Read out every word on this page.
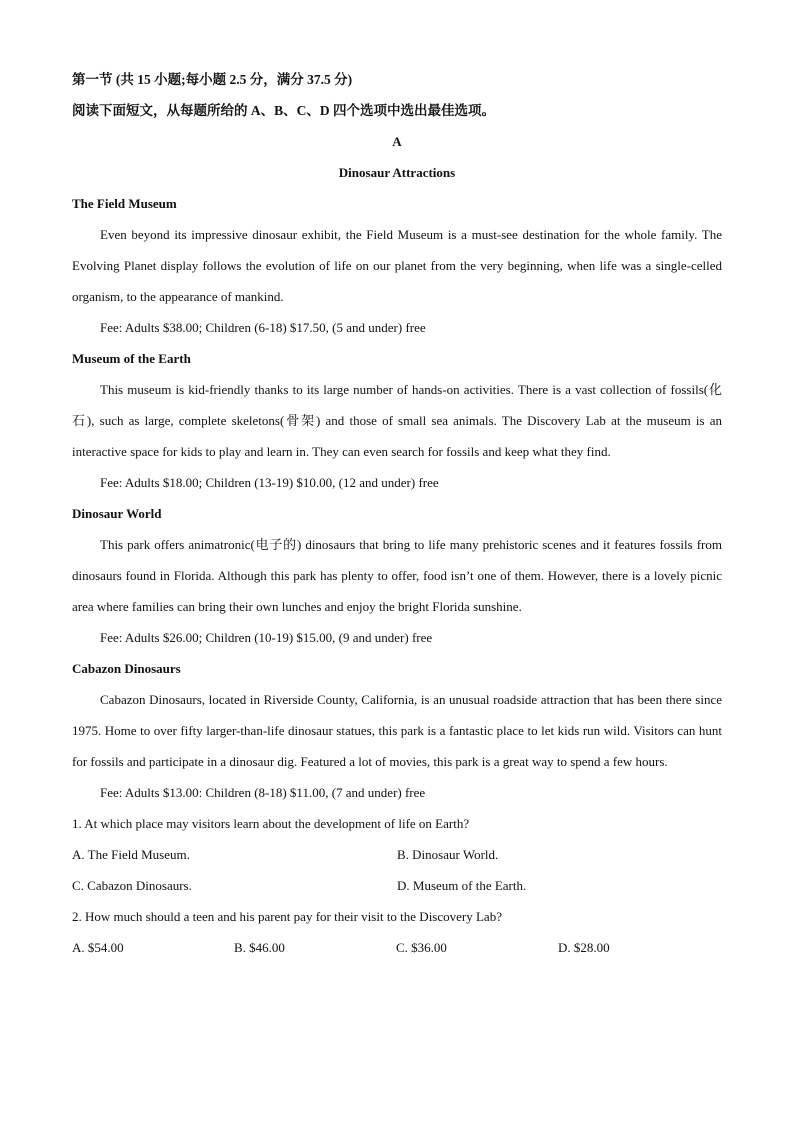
第一节 (共 15 小题;每小题 2.5 分，满分 37.5 分)
阅读下面短文，从每题所给的 A、B、C、D 四个选项中选出最佳选项。
A
Dinosaur Attractions
The Field Museum
Even beyond its impressive dinosaur exhibit, the Field Museum is a must-see destination for the whole family. The Evolving Planet display follows the evolution of life on our planet from the very beginning, when life was a single-celled organism, to the appearance of mankind.
Fee: Adults $38.00; Children (6-18) $17.50, (5 and under) free
Museum of the Earth
This museum is kid-friendly thanks to its large number of hands-on activities. There is a vast collection of fossils(化石), such as large, complete skeletons(骨架) and those of small sea animals. The Discovery Lab at the museum is an interactive space for kids to play and learn in. They can even search for fossils and keep what they find.
Fee: Adults $18.00; Children (13-19) $10.00, (12 and under) free
Dinosaur World
This park offers animatronic(电子的) dinosaurs that bring to life many prehistoric scenes and it features fossils from dinosaurs found in Florida. Although this park has plenty to offer, food isn’t one of them. However, there is a lovely picnic area where families can bring their own lunches and enjoy the bright Florida sunshine.
Fee: Adults $26.00; Children (10-19) $15.00, (9 and under) free
Cabazon Dinosaurs
Cabazon Dinosaurs, located in Riverside County, California, is an unusual roadside attraction that has been there since 1975. Home to over fifty larger-than-life dinosaur statues, this park is a fantastic place to let kids run wild. Visitors can hunt for fossils and participate in a dinosaur dig. Featured a lot of movies, this park is a great way to spend a few hours.
Fee: Adults $13.00: Children (8-18) $11.00, (7 and under) free
1. At which place may visitors learn about the development of life on Earth?
A. The Field Museum.	B. Dinosaur World.
C. Cabazon Dinosaurs.	D. Museum of the Earth.
2. How much should a teen and his parent pay for their visit to the Discovery Lab?
A. $54.00	B. $46.00	C. $36.00	D. $28.00
